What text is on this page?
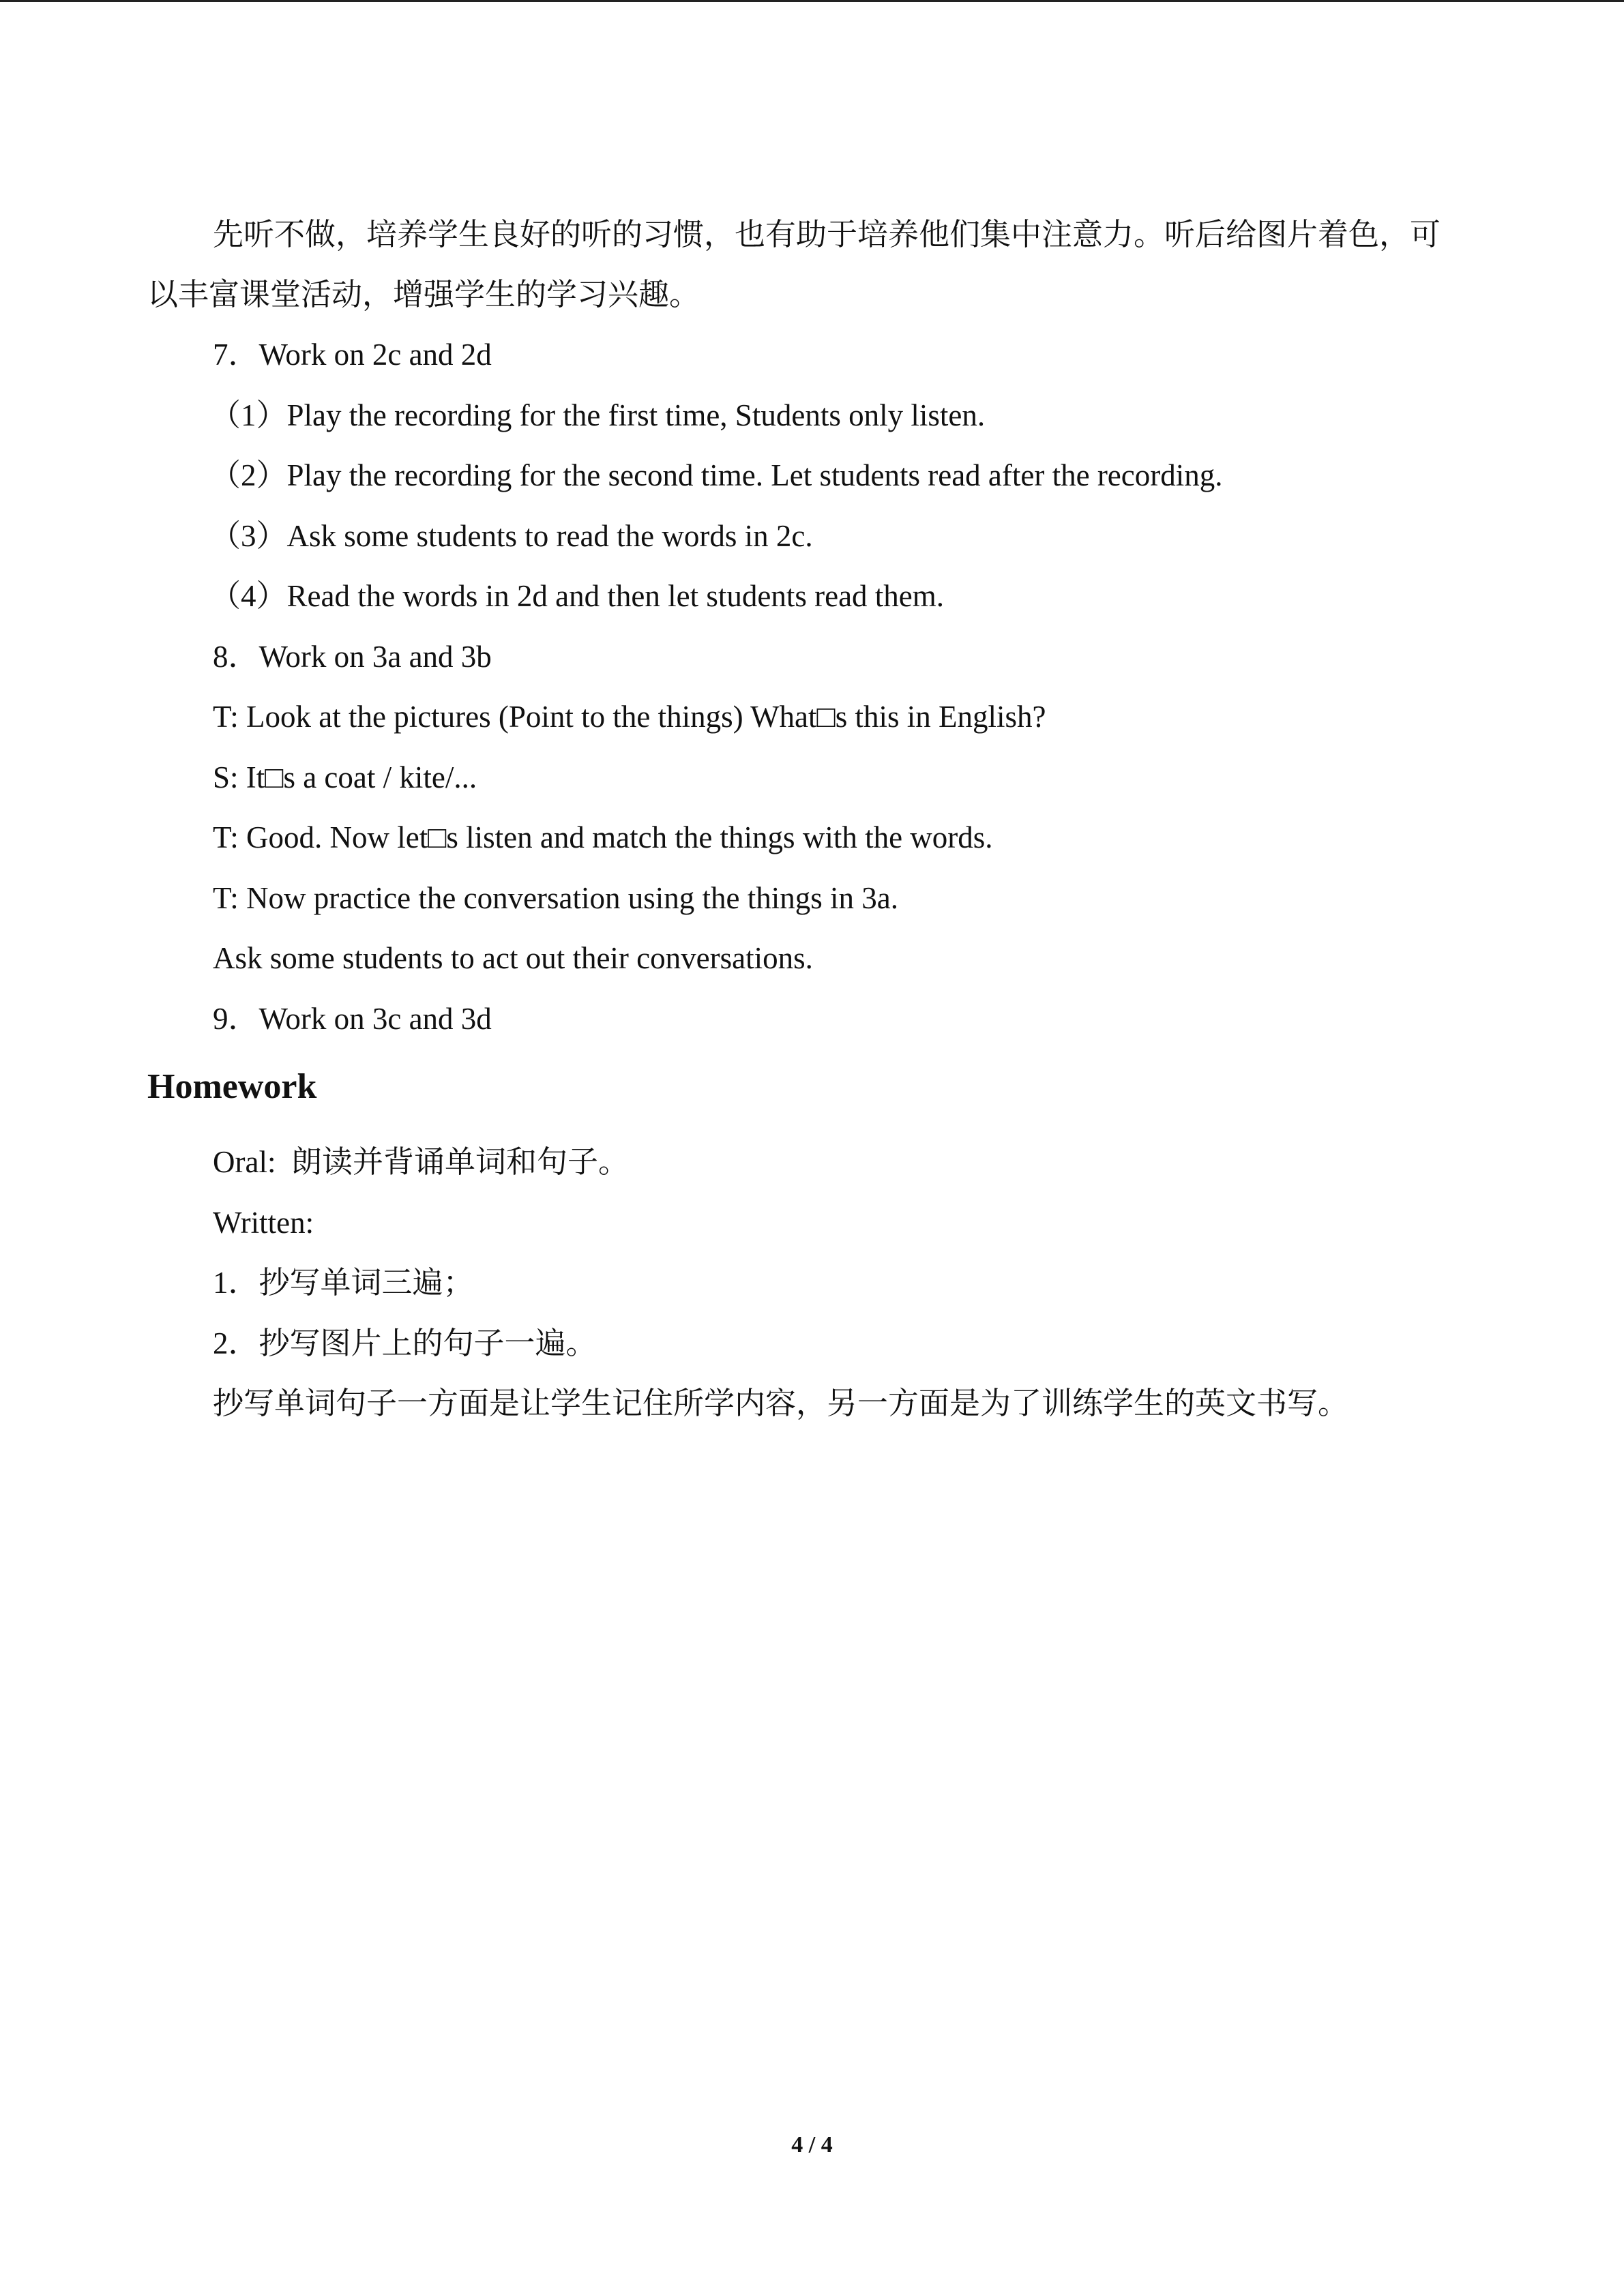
先听不做，培养学生良好的听的习惯，也有助于培养他们集中注意力。听后给图片着色，可以丰富课堂活动，增强学生的学习兴趣。

7．Work on 2c and 2d

（1）Play the recording for the first time, Students only listen.

（2）Play the recording for the second time. Let students read after the recording.

（3）Ask some students to read the words in 2c.

（4）Read the words in 2d and then let students read them.

8．Work on 3a and 3b

T: Look at the pictures (Point to the things) What□s this in English?

S: It□s a coat / kite/...

T: Good. Now let□s listen and match the things with the words.

T: Now practice the conversation using the things in 3a.

Ask some students to act out their conversations.

9．Work on 3c and 3d

Homework

Oral:  朗读并背诵单词和句子。

Written:

1．抄写单词三遍；

2．抄写图片上的句子一遍。

抄写单词句子一方面是让学生记住所学内容，另一方面是为了训练学生的英文书写。

4 / 4
